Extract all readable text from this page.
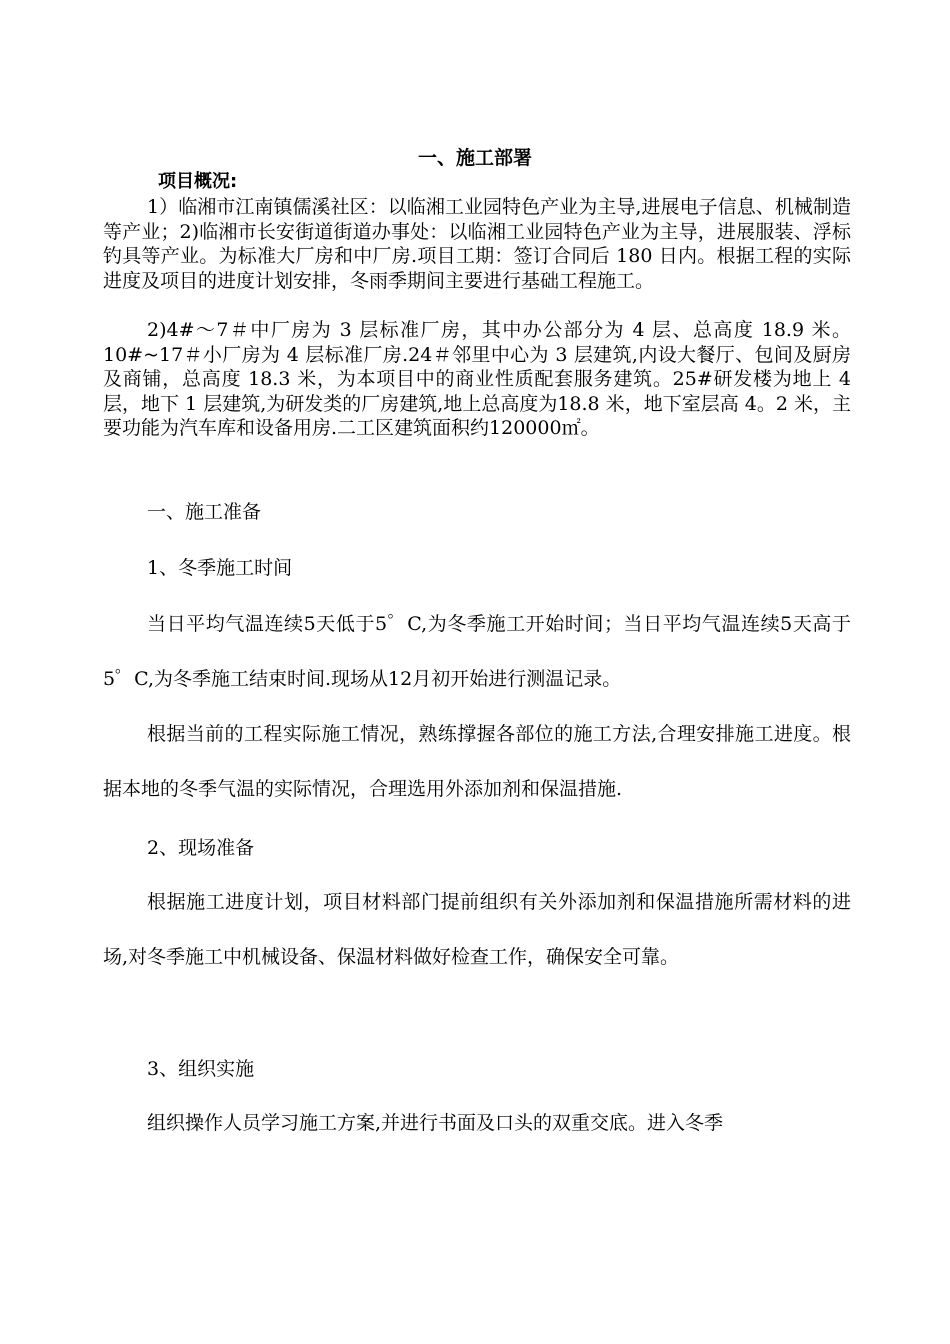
一、施工部署
项目概况:
1）临湘市江南镇儒溪社区：以临湘工业园特色产业为主导,进展电子信息、机械制造等产业；2)临湘市长安街道街道办事处：以临湘工业园特色产业为主导，进展服装、浮标钓具等产业。为标准大厂房和中厂房.项目工期：签订合同后 180 日内。根据工程的实际进度及项目的进度计划安排，冬雨季期间主要进行基础工程施工。
2)4#～7＃中厂房为 3 层标准厂房，其中办公部分为 4 层、总高度 18.9 米。10#~17＃小厂房为 4 层标准厂房.24＃邻里中心为 3 层建筑,内设大餐厅、包间及厨房及商铺，总高度 18.3 米，为本项目中的商业性质配套服务建筑。25#研发楼为地上 4 层，地下 1 层建筑,为研发类的厂房建筑,地上总高度为18.8 米，地下室层高 4。2 米，主要功能为汽车库和设备用房.二工区建筑面积约120000㎡。
一、施工准备
1、冬季施工时间
当日平均气温连续5天低于5゜C,为冬季施工开始时间；当日平均气温连续5天高于5゜C,为冬季施工结束时间.现场从12月初开始进行测温记录。
根据当前的工程实际施工情况，熟练撑握各部位的施工方法,合理安排施工进度。根据本地的冬季气温的实际情况，合理选用外添加剂和保温措施.
2、现场准备
根据施工进度计划，项目材料部门提前组织有关外添加剂和保温措施所需材料的进场,对冬季施工中机械设备、保温材料做好检查工作，确保安全可靠。
3、组织实施
组织操作人员学习施工方案,并进行书面及口头的双重交底。进入冬季
